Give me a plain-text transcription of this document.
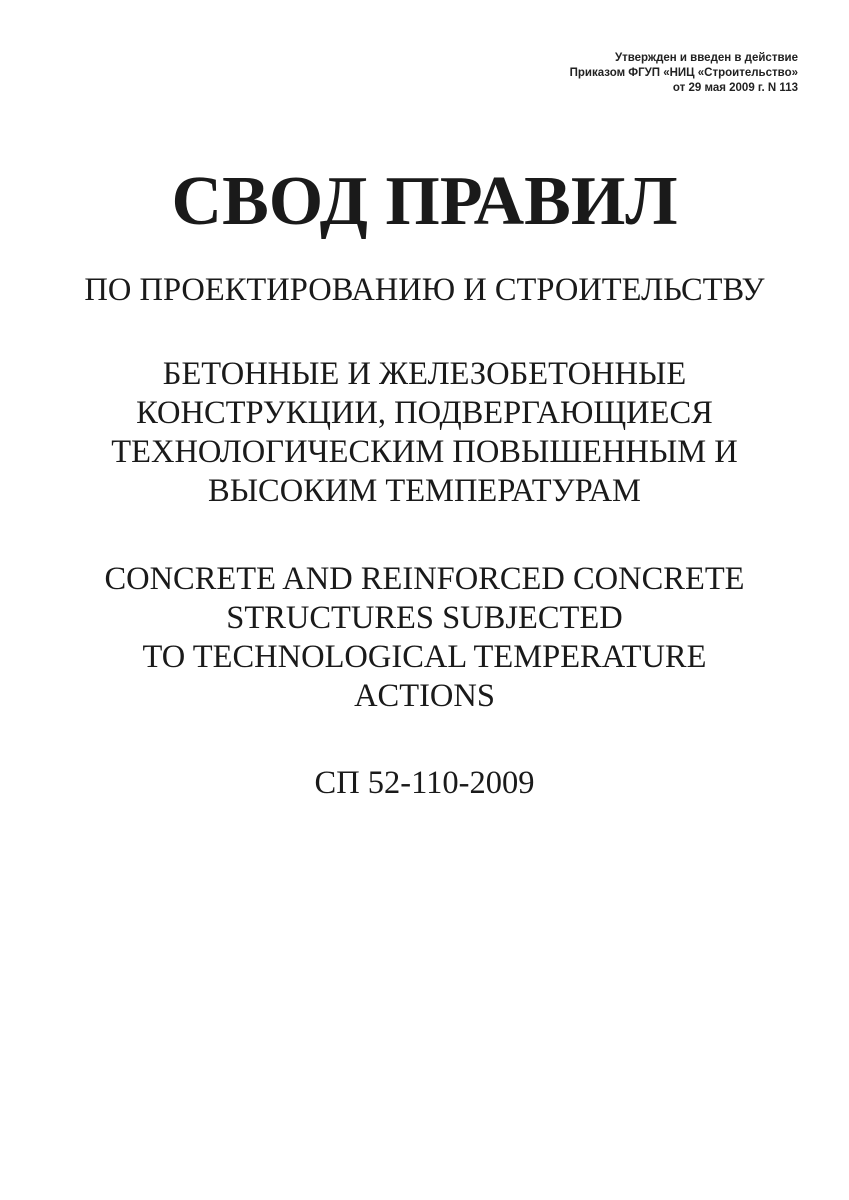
Утвержден и введен в действие
Приказом ФГУП «НИЦ «Строительство»
от 29 мая 2009 г. N 113
СВОД ПРАВИЛ
ПО ПРОЕКТИРОВАНИЮ И СТРОИТЕЛЬСТВУ
БЕТОННЫЕ И ЖЕЛЕЗОБЕТОННЫЕ
КОНСТРУКЦИИ, ПОДВЕРГАЮЩИЕСЯ
ТЕХНОЛОГИЧЕСКИМ ПОВЫШЕННЫМ И
ВЫСОКИМ ТЕМПЕРАТУРАМ
CONCRETE AND REINFORCED CONCRETE
STRUCTURES SUBJECTED
TO TECHNOLOGICAL TEMPERATURE
ACTIONS
СП 52-110-2009
